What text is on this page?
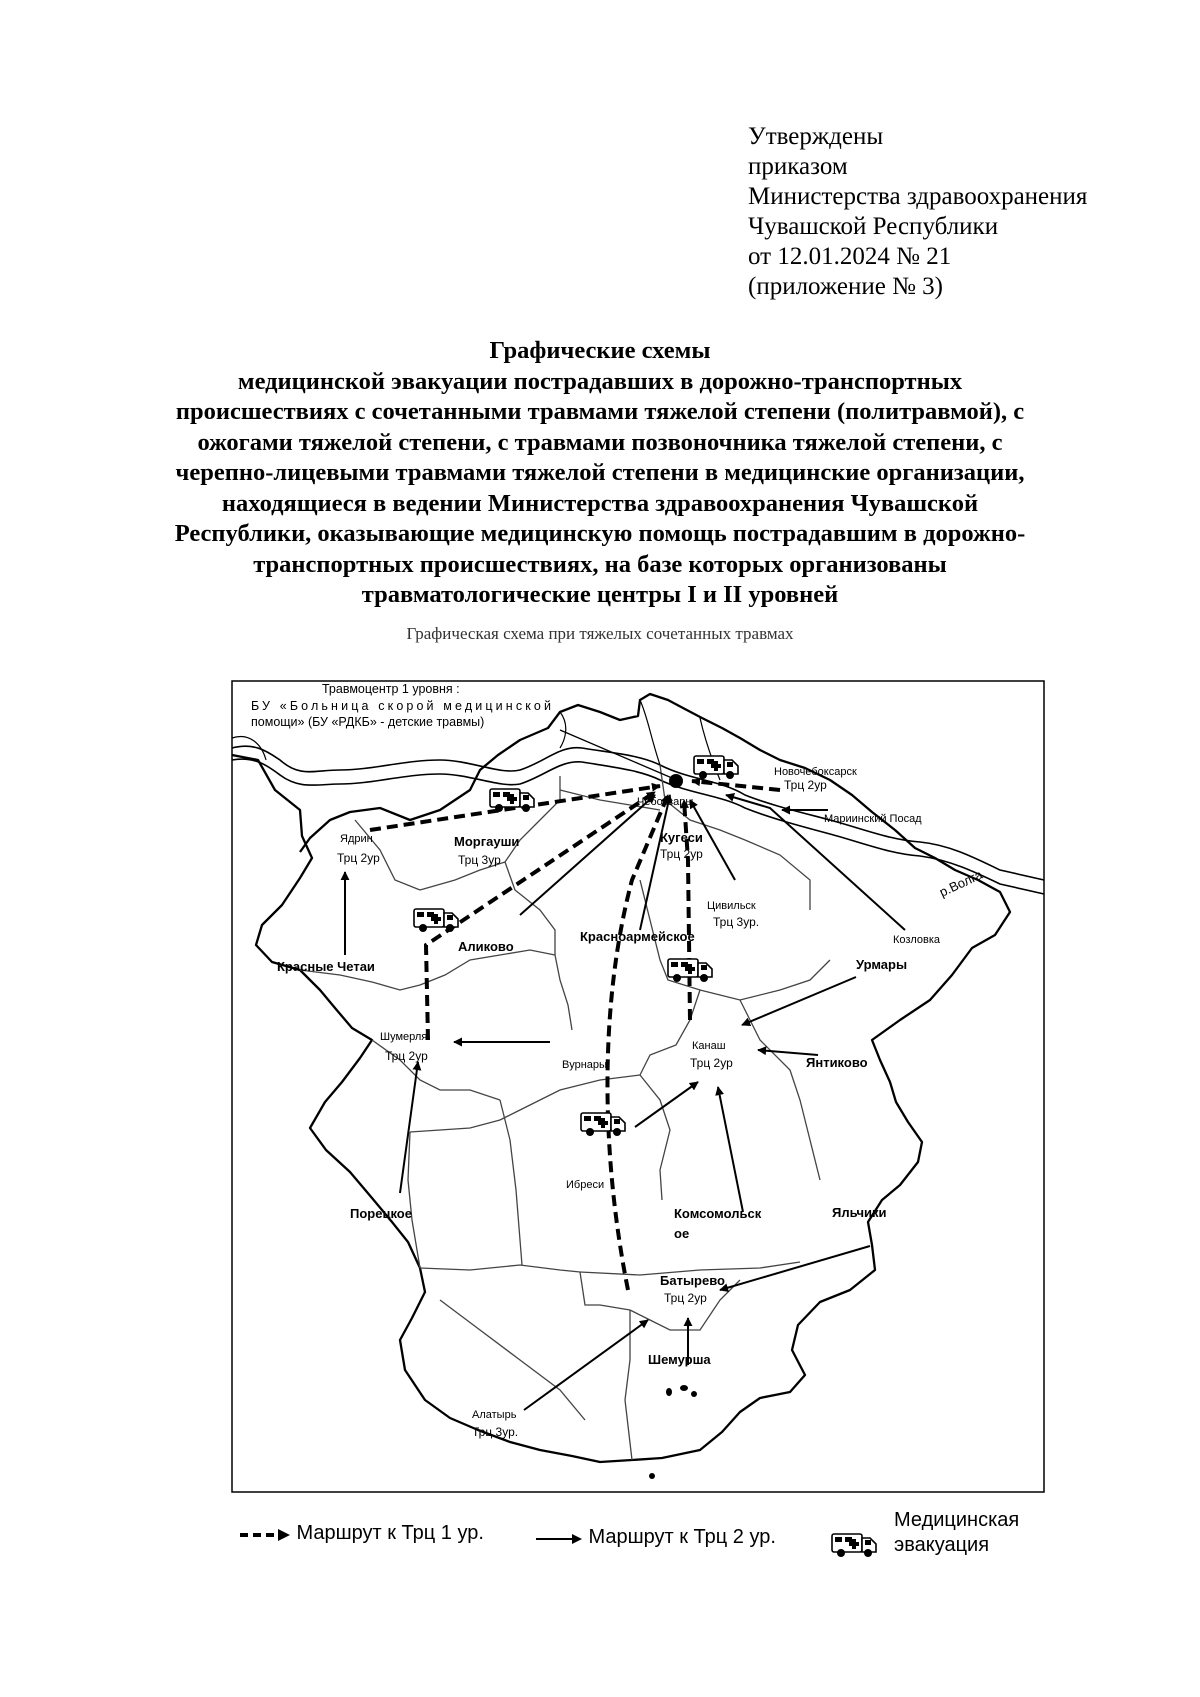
Утверждены
приказом
Министерства здравоохранения
Чувашской Республики
от 12.01.2024 № 21
(приложение № 3)
Графические схемы
медицинской эвакуации пострадавших в дорожно-транспортных
происшествиях с сочетанными травмами тяжелой степени (политравмой), с
ожогами тяжелой степени, с травмами позвоночника тяжелой степени, с
черепно-лицевыми травмами тяжелой степени в медицинские организации,
находящиеся в ведении Министерства здравоохранения Чувашской
Республики, оказывающие медицинскую помощь пострадавшим в дорожно-
транспортных происшествиях, на базе которых организованы
травматологические центры I и II уровней
Графическая схема при тяжелых сочетанных травмах
Травмоцентр 1 уровня :
БУ «Больница скорой медицинской
помощи» (БУ «РДКБ» - детские травмы)
Чебоксары
Новочебоксарск
Трц 2ур
Мариинский Посад
Ядрин
Трц 2ур
Моргауши
Трц 3ур
Кугеси
Трц 2ур
р.Волга
Цивильск
Трц 3ур.
Козловка
Красноармейское
Аликово
Красные Четаи	Урмары
Шумерля
Трц 2ур
Вурнары
Канаш
Трц 2ур	Янтиково
Ибреси
Порецкое	Комсомольск
ое
Яльчики
Батырево
Трц 2ур
Шемурша
Алатырь
Трц 3ур.
Маршрут к Трц 1 ур.	Маршрут к Трц 2 ур.
Медицинская
эвакуация
